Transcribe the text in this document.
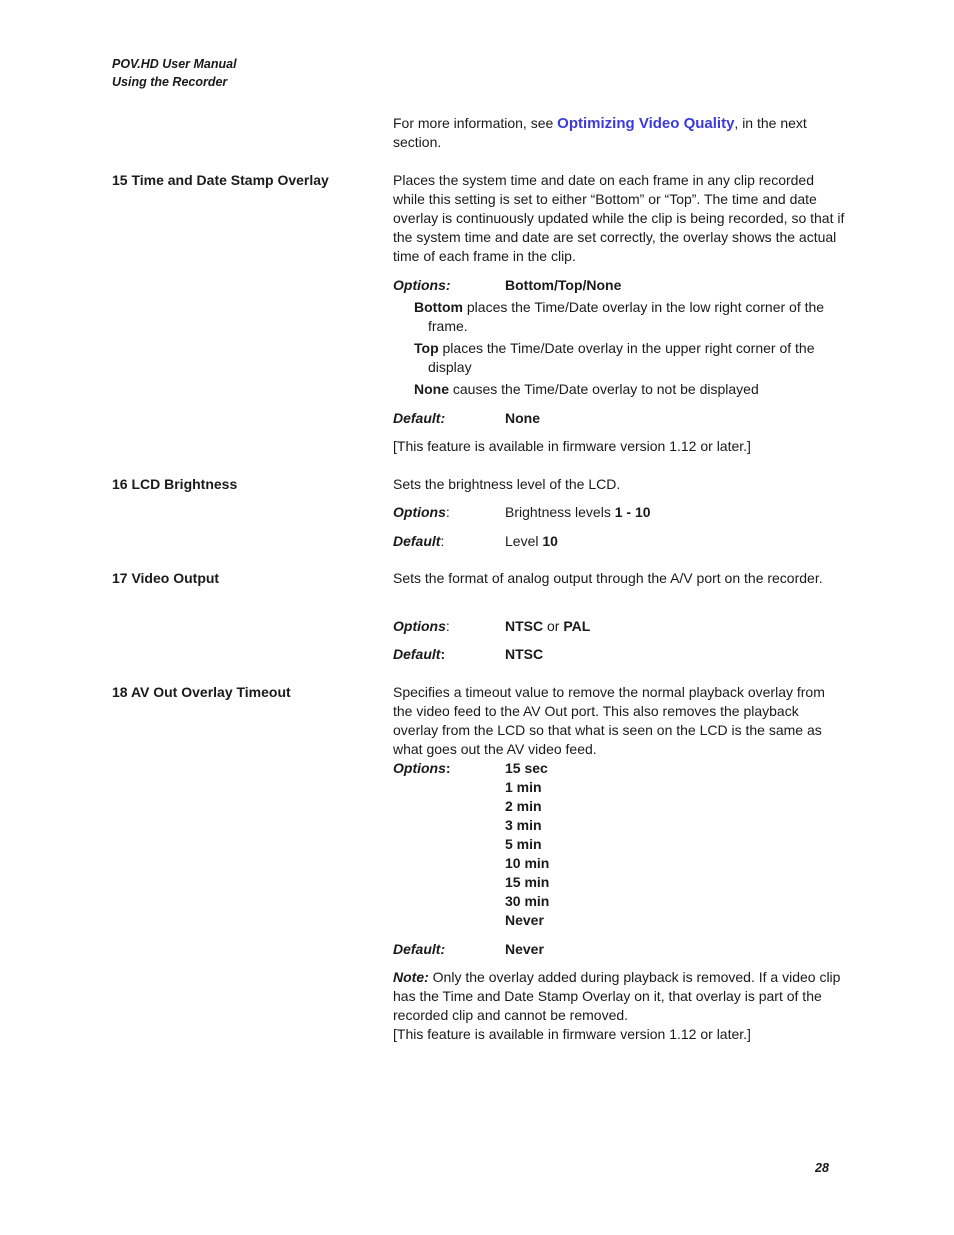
POV.HD User Manual
Using the Recorder
For more information, see Optimizing Video Quality, in the next section.
15 Time and Date Stamp Overlay	Places the system time and date on each frame in any clip recorded while this setting is set to either “Bottom” or “Top”. The time and date overlay is continuously updated while the clip is being recorded, so that if the system time and date are set correctly, the overlay shows the actual time of each frame in the clip.
Options:	Bottom/Top/None
Bottom places the Time/Date overlay in the low right corner of the frame.
Top places the Time/Date overlay in the upper right corner of the display
None causes the Time/Date overlay to not be displayed
Default:	None
[This feature is available in firmware version 1.12 or later.]
16 LCD Brightness	Sets the brightness level of the LCD.
Options:	Brightness levels 1 - 10
Default:	Level 10
17 Video Output	Sets the format of analog output through the A/V port on the recorder.
Options:	NTSC or PAL
Default:	NTSC
18 AV Out Overlay Timeout	Specifies a timeout value to remove the normal playback overlay from the video feed to the AV Out port. This also removes the playback overlay from the LCD so that what is seen on the LCD is the same as what goes out the AV video feed.
Options:	15 sec
1 min
2 min
3 min
5 min
10 min
15 min
30 min
Never
Default:	Never
Note: Only the overlay added during playback is removed. If a video clip has the Time and Date Stamp Overlay on it, that overlay is part of the recorded clip and cannot be removed.
[This feature is available in firmware version 1.12 or later.]
28
